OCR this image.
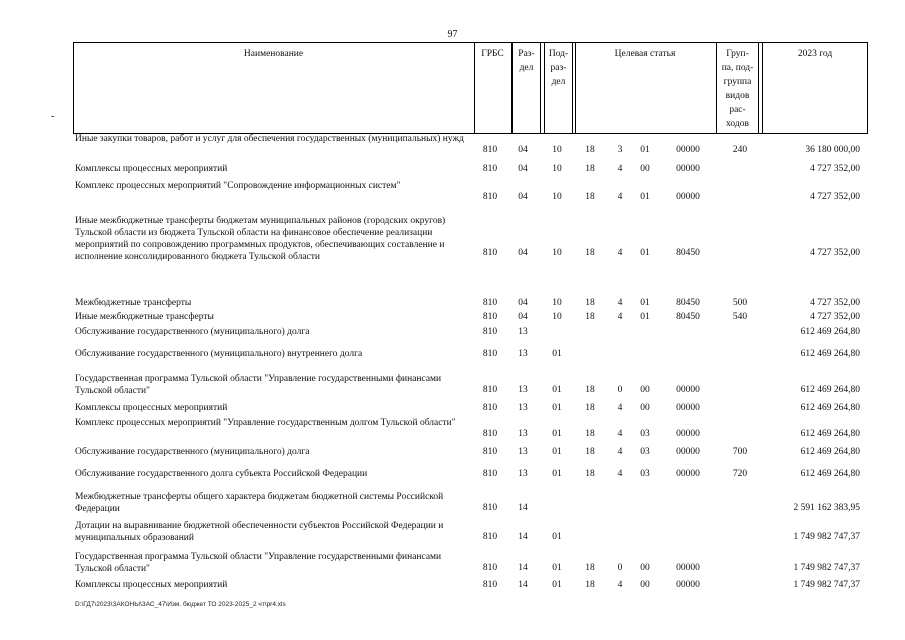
97
Наименование	ГРБС	Раз-
дел
Под-
раз-
дел
Целевая статья	Груп-
па, под-
группа
видов
рас-
ходов
2023 год
-
Иные закупки товаров, работ и услуг для обеспечения государственных (муниципальных) нужд
810	04	10	18	3	01	00000	240	36 180 000,00
Комплексы процессных мероприятий	810	04	10	18	4	00	00000	4 727 352,00
Комплекс процессных мероприятий "Сопровождение информационных систем"
810	04	10	18	4	01	00000	4 727 352,00
Иные межбюджетные трансферты бюджетам муниципальных районов (городских округов) Тульской области из бюджета Тульской области на финансовое обеспечение реализации мероприятий по сопровождению программных продуктов, обеспечивающих составление и исполнение консолидированного бюджета Тульской области	810	04	10	18	4	01	80450	4 727 352,00
Межбюджетные трансферты	810	04	10	18	4	01	80450	500	4 727 352,00
Иные межбюджетные трансферты	810	04	10	18	4	01	80450	540	4 727 352,00
Обслуживание государственного (муниципального) долга	810	13	612 469 264,80
Обслуживание государственного (муниципального) внутреннего долга	810	13	01	612 469 264,80
Государственная программа Тульской области "Управление государственными финансами Тульской области"	810	13	01	18	0	00	00000	612 469 264,80
Комплексы процессных мероприятий	810	13	01	18	4	00	00000	612 469 264,80
Комплекс процессных мероприятий "Управление государственным долгом Тульской области"
810	13	01	18	4	03	00000	612 469 264,80
Обслуживание государственного (муниципального) долга	810	13	01	18	4	03	00000	700	612 469 264,80
Обслуживание государственного долга субъекта Российской Федерации	810	13	01	18	4	03	00000	720	612 469 264,80
Межбюджетные трансферты общего характера бюджетам бюджетной системы Российской Федерации	810	14	2 591 162 383,95
Дотации на выравнивание бюджетной обеспеченности субъектов Российской Федерации и муниципальных образований	810	14	01	1 749 982 747,37
Государственная программа Тульской области "Управление государственными финансами Тульской области"	810	14	01	18	0	00	00000	1 749 982 747,37
Комплексы процессных мероприятий	810	14	01	18	4	00	00000	1 749 982 747,37
D:\ГД7\2023\ЗАКОНЫ\ЗАС_47\Изм. бюджет ТО 2023-2025_2 чт\pr4.xls
